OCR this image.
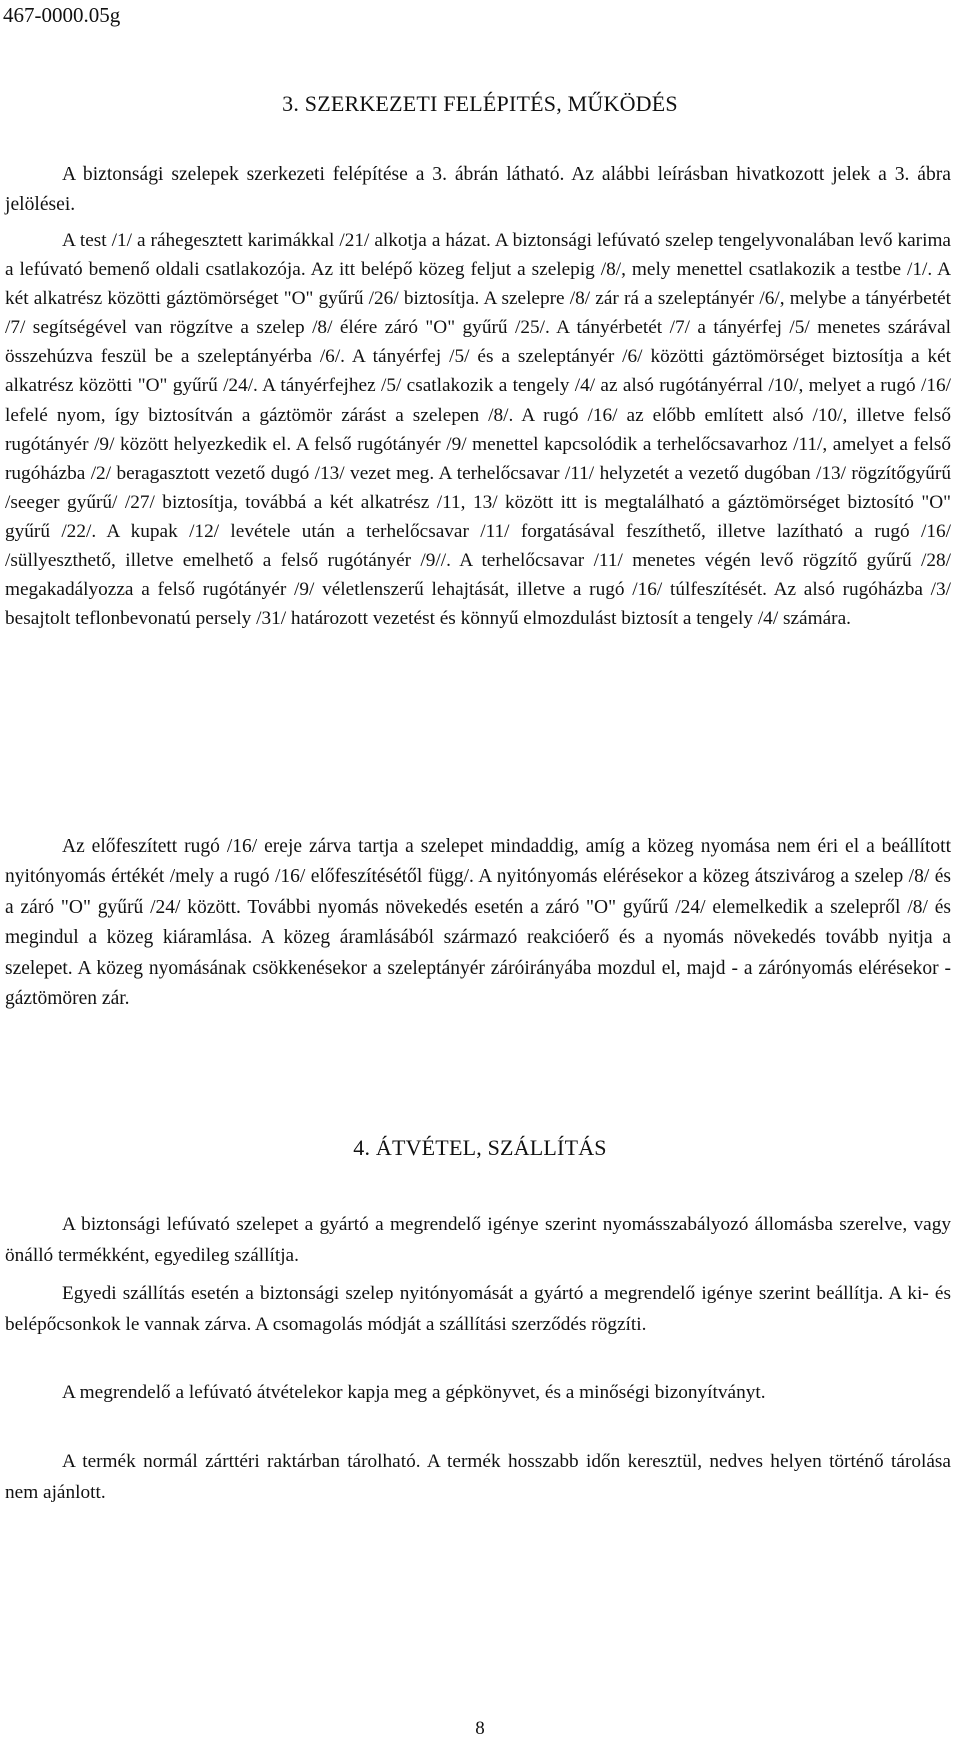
467-0000.05g
3. SZERKEZETI FELÉPITÉS, MŰKÖDÉS

A biztonsági szelepek szerkezeti felépítése a 3. ábrán látható. Az alábbi leírásban hivatkozott jelek a 3. ábra jelölései.

A test /1/ a ráhegesztett karimákkal /21/ alkotja a házat. A biztonsági lefúvató szelep tengelyvonalában levő karima a lefúvató bemenő oldali csatlakozója. Az itt belépő közeg feljut a szelepig /8/, mely menettel csatlakozik a testbe /1/. A két alkatrész közötti gáztömörséget "O" gyűrű /26/ biztosítja. A szelepre /8/ zár rá a szeleptányér /6/, melybe a tányérbetét /7/ segítségével van rögzítve a szelep /8/ élére záró "O" gyűrű /25/. A tányérbetét /7/ a tányérfej /5/ menetes szárával összehúzva feszül be a szeleptányérba /6/. A tányérfej /5/ és a szeleptányér /6/ közötti gáztömörséget biztosítja a két alkatrész közötti "O" gyűrű /24/. A tányérfejhez /5/ csatlakozik a tengely /4/ az alsó rugótányérral /10/, melyet a rugó /16/ lefelé nyom, így biztosítván a gáztömör zárást a szelepen /8/. A rugó /16/ az előbb említett alsó /10/, illetve felső rugótányér /9/ között helyezkedik el. A felső rugótányér /9/ menettel kapcsolódik a terhelőcsavarhoz /11/, amelyet a felső rugóházba /2/ beragasztott vezető dugó /13/ vezet meg. A terhelőcsavar /11/ helyzetét a vezető dugóban /13/ rögzítőgyűrű /seeger gyűrű/ /27/ biztosítja, továbbá a két alkatrész /11, 13/ között itt is megtalálható a gáztömörséget biztosító "O" gyűrű /22/. A kupak /12/ levétele után a terhelőcsavar /11/ forgatásával feszíthető, illetve lazítható a rugó /16/ /süllyeszthető, illetve emelhető a felső rugótányér /9//. A terhelőcsavar /11/ menetes végén levő rögzítő gyűrű /28/ megakadályozza a felső rugótányér /9/ véletlenszerű lehajtását, illetve a rugó /16/ túlfeszítését. Az alsó rugóházba /3/ besajtolt teflonbevonatú persely /31/ határozott vezetést és könnyű elmozdulást biztosít a tengely /4/ számára.

Az előfeszített rugó /16/ ereje zárva tartja a szelepet mindaddig, amíg a közeg nyomása nem éri el a beállított nyitónyomás értékét /mely a rugó /16/ előfeszítésétől függ/. A nyitónyomás elérésekor a közeg átszivárog a szelep /8/ és a záró "O" gyűrű /24/ között. További nyomás növekedés esetén a záró "O" gyűrű /24/ elemelkedik a szelepről /8/ és megindul a közeg kiáramlása. A közeg áramlásából származó reakcióerő és a nyomás növekedés tovább nyitja a szelepet. A közeg nyomásának csökkenésekor a szeleptányér záróirányába mozdul el, majd - a zárónyomás elérésekor - gáztömören zár.

4. ÁTVÉTEL, SZÁLLÍTÁS

A biztonsági lefúvató szelepet a gyártó a megrendelő igénye szerint nyomásszabályozó állomásba szerelve, vagy önálló termékként, egyedileg szállítja.

Egyedi szállítás esetén a biztonsági szelep nyitónyomását a gyártó a megrendelő igénye szerint beállítja. A ki- és belépőcsonkok le vannak zárva. A csomagolás módját a szállítási szerződés rögzíti.

A megrendelő a lefúvató átvételekor kapja meg a gépkönyvet, és a minőségi bizonyítványt.

A termék normál zárttéri raktárban tárolható. A termék hosszabb időn keresztül, nedves helyen történő tárolása nem ajánlott.

8
